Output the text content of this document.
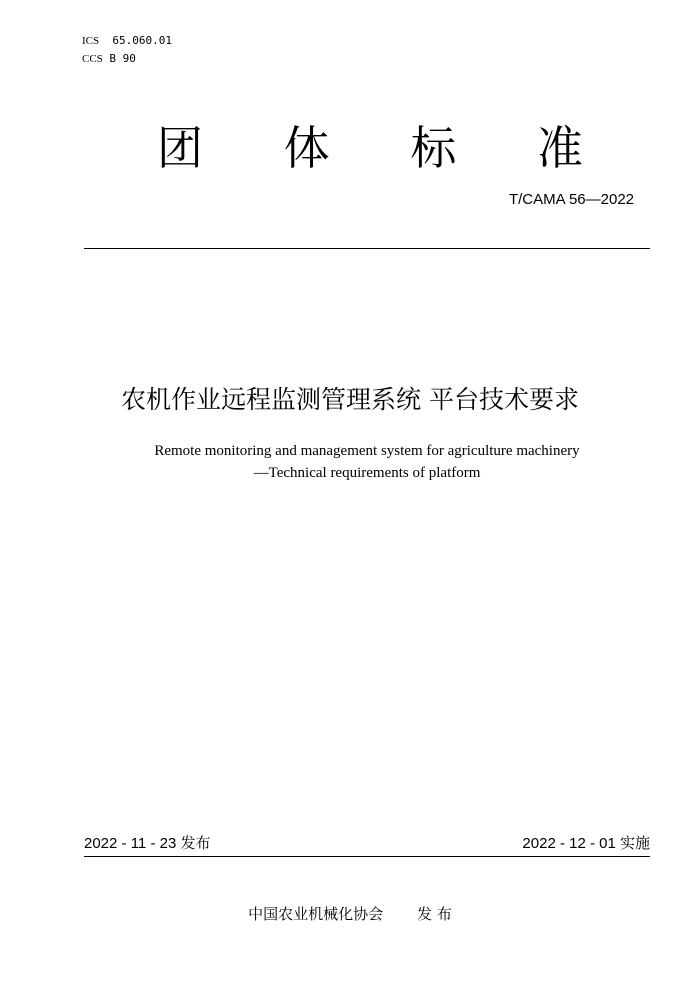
ICS 65.060.01
CCS B 90
团 体 标 准
T/CAMA 56—2022
农机作业远程监测管理系统 平台技术要求
Remote monitoring and management system for agriculture machinery
—Technical requirements of platform
2022 - 11 - 23 发布	2022 - 12 - 01 实施
中国农业机械化协会 发 布
